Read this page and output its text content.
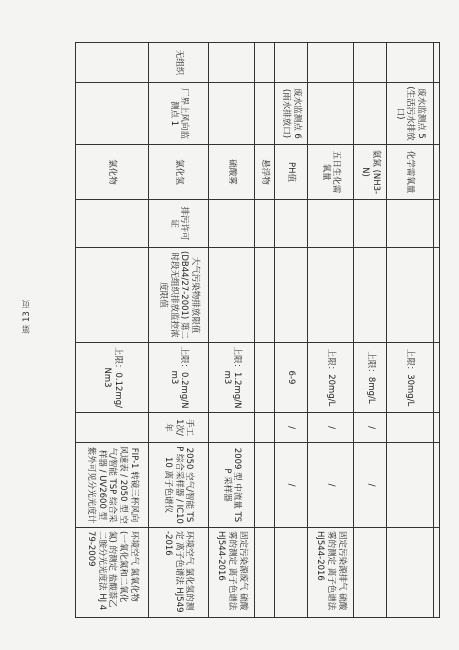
	废水监测点 5 (生活污水排放口)	化学需氧量			上限：30mg/L			
		氨氮 (NH3-N)			上限：8mg/L	/	/	
		五日生化需氧量			上限：20mg/L	/	/	固定污染源排气 硫酸雾的测定 离子色谱法 HJ544-2016
	废水监测点 6 (雨水排放口)	PH值			6-9	/	/	
		悬浮物						
		硫酸雾			上限：1.2mg/Nm3		2009 型 中流量 TSP 采样器	固定污染源废气 硫酸雾的测定 离子色谱法 HJ544-2016
无组织	厂界上风向监测点 1	氯化氢	排污许可证	大气污染物排放限值 (DB44/27-2001) 第二时段无组织排放监控浓度限值	上限：0.2mg/Nm3	手工 1次/年	2050 空气/智能 TSP 综合采样器 / IC1010 离子色谱仪	环境空气 氯化氢的测定 离子色谱法 HJ549-2016
		氯化物			上限：0.12mg/Nm3		FIP-1 转镜三杯风向风速表 / 2050 型 空气/智能 TSP 综合采样器 / UV2600 型 紫外可见分光光度计	环境空气 氮氧化物 (一氧化氮和二氧化氮) 的测定 盐酸萘乙二胺分光光度法 HJ 479-2009
第 13 页
